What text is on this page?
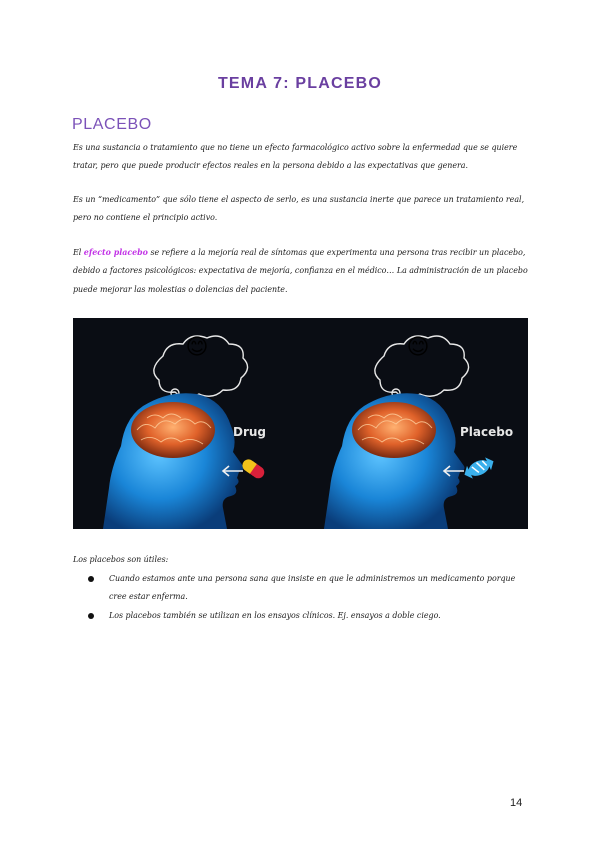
TEMA 7: PLACEBO
PLACEBO

Es una sustancia o tratamiento que no tiene un efecto farmacológico activo sobre la enfermedad que se quiere tratar, pero que puede producir efectos reales en la persona debido a las expectativas que genera.

Es un “medicamento” que sólo tiene el aspecto de serlo, es una sustancia inerte que parece un tratamiento real, pero no contiene el principio activo.

El efecto placebo se refiere a la mejoría real de síntomas que experimenta una persona tras recibir un placebo, debido a factores psicológicos: expectativa de mejoría, confianza en el médico… La administración de un placebo puede mejorar las molestias o dolencias del paciente.

😊
Drug
😊
Placebo

Los placebos son útiles:

Cuando estamos ante una persona sana que insiste en que le administremos un medicamento porque cree estar enferma.
Los placebos también se utilizan en los ensayos clínicos. Ej. ensayos a doble ciego.
14
